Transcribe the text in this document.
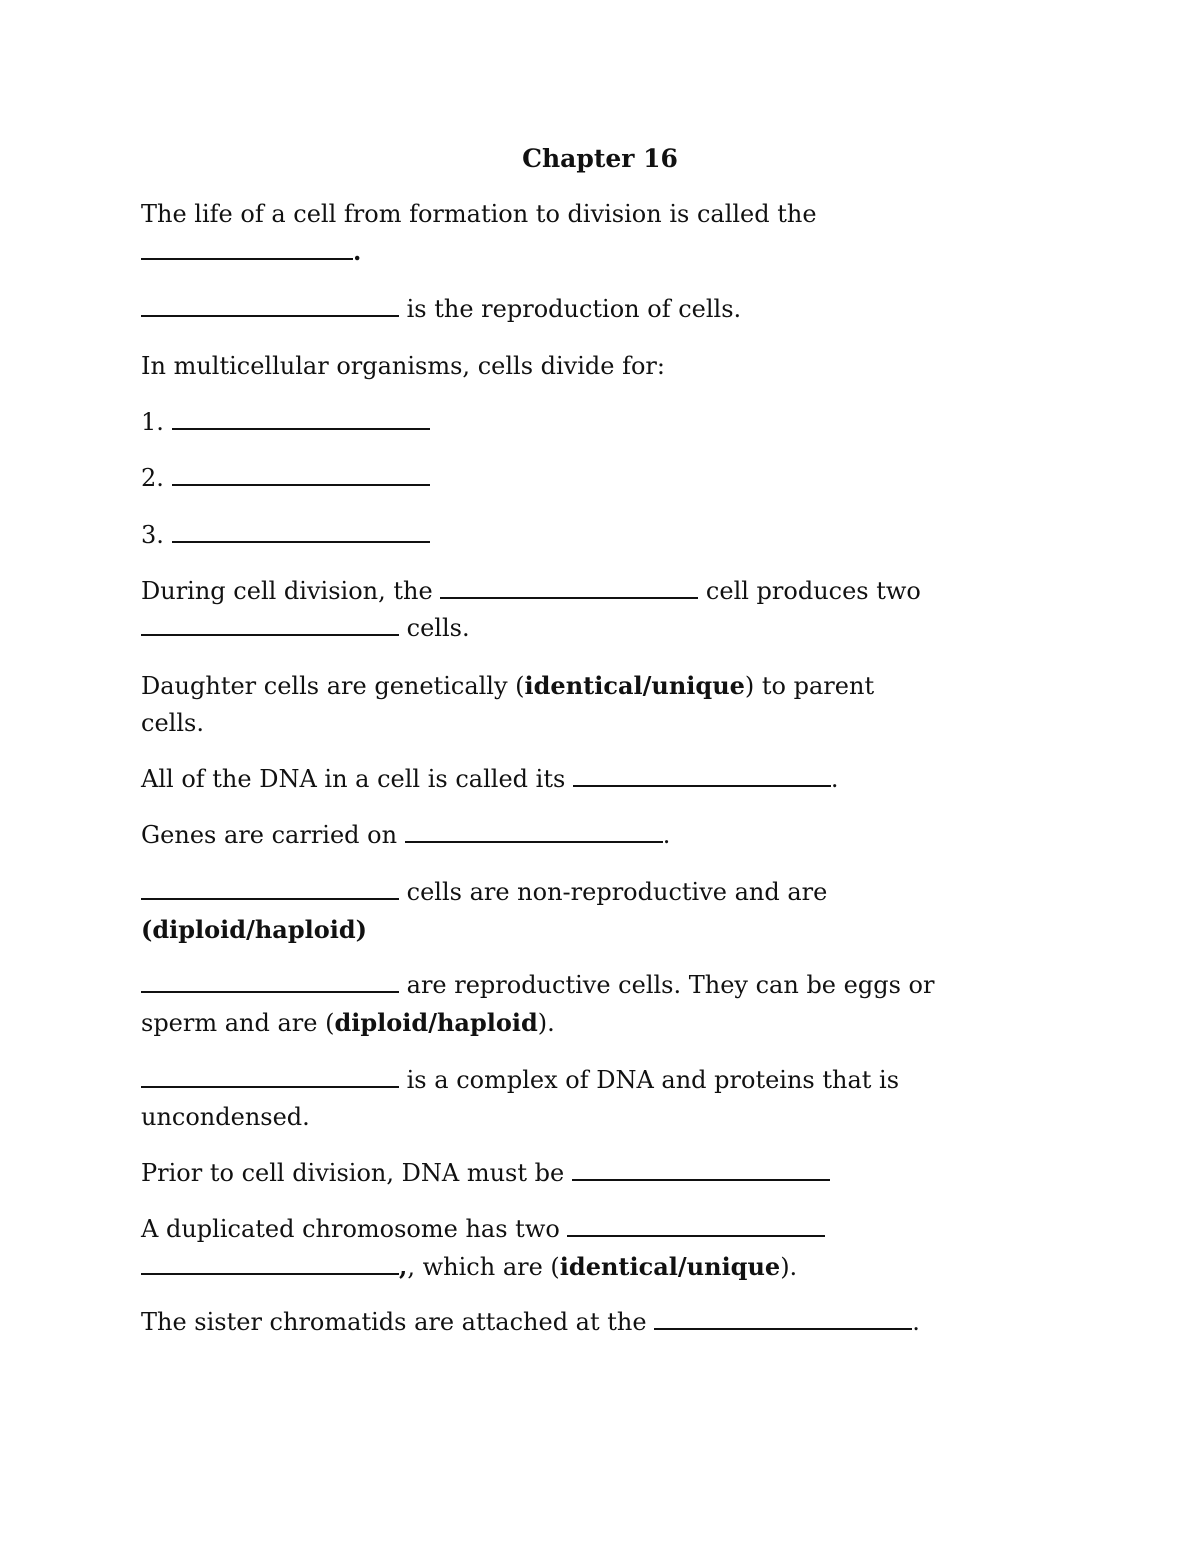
Chapter 16
The life of a cell from formation to division is called the
.
is the reproduction of cells.
In multicellular organisms, cells divide for:
1.
2.
3.
During cell division, the	cell produces two
cells.
Daughter cells are genetically (identical/unique) to parent
cells.
All of the DNA in a cell is called its	.
Genes are carried on	.
cells are non-reproductive and are
(diploid/haploid)
are reproductive cells. They can be eggs or
sperm and are (diploid/haploid).
is a complex of DNA and proteins that is
uncondensed.
Prior to cell division, DNA must be
A duplicated chromosome has two
,, which are (identical/unique).
The sister chromatids are attached at the	.
